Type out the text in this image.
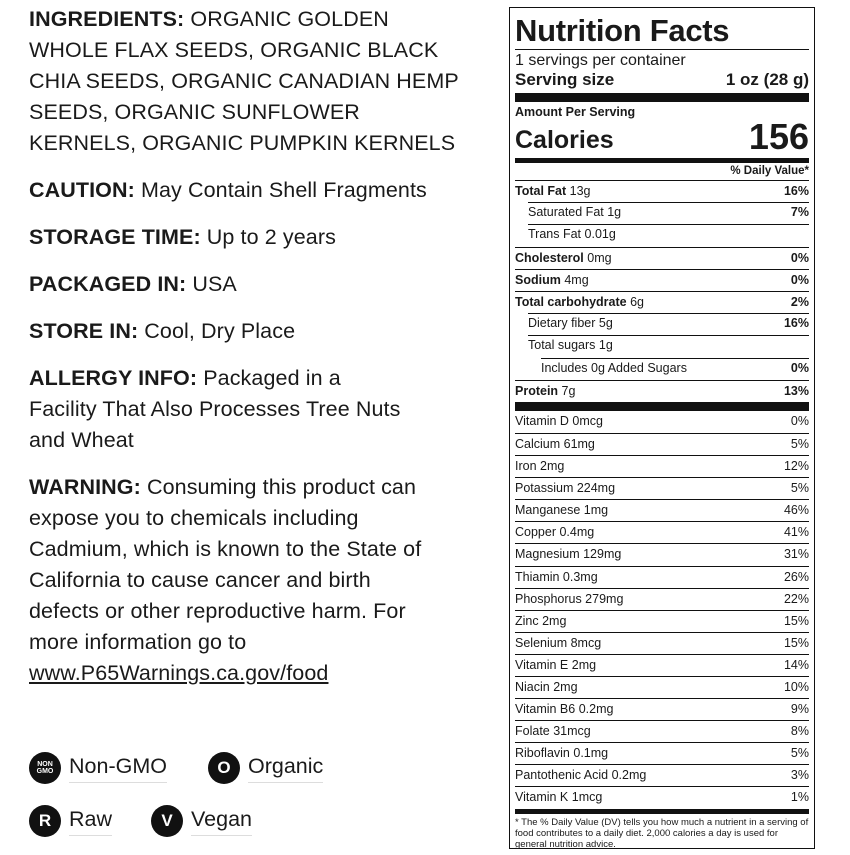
INGREDIENTS: ORGANIC GOLDEN WHOLE FLAX SEEDS, ORGANIC BLACK CHIA SEEDS, ORGANIC CANADIAN HEMP SEEDS, ORGANIC SUNFLOWER KERNELS, ORGANIC PUMPKIN KERNELS

CAUTION: May Contain Shell Fragments

STORAGE TIME: Up to 2 years

PACKAGED IN: USA

STORE IN: Cool, Dry Place

ALLERGY INFO: Packaged in a Facility That Also Processes Tree Nuts and Wheat

WARNING: Consuming this product can expose you to chemicals including Cadmium, which is known to the State of California to cause cancer and birth defects or other reproductive harm. For more information go to
www.P65Warnings.ca.gov/food

NON
GMO Non-GMO	O Organic
R Raw	V Vegan
Nutrition Facts
1 servings per container
Serving size	1 oz (28 g)
Amount Per Serving
Calories	156
% Daily Value*
Total Fat 13g	16%
Saturated Fat 1g	7%
Trans Fat 0.01g
Cholesterol 0mg	0%
Sodium 4mg	0%
Total carbohydrate 6g	2%
Dietary fiber 5g	16%
Total sugars 1g
Includes 0g Added Sugars	0%
Protein 7g	13%
Vitamin D 0mcg	0%
Calcium 61mg	5%
Iron 2mg	12%
Potassium 224mg	5%
Manganese 1mg	46%
Copper 0.4mg	41%
Magnesium 129mg	31%
Thiamin 0.3mg	26%
Phosphorus 279mg	22%
Zinc 2mg	15%
Selenium 8mcg	15%
Vitamin E 2mg	14%
Niacin 2mg	10%
Vitamin B6 0.2mg	9%
Folate 31mcg	8%
Riboflavin 0.1mg	5%
Pantothenic Acid 0.2mg	3%
Vitamin K 1mcg	1%
* The % Daily Value (DV) tells you how much a nutrient in a serving of food contributes to a daily diet. 2,000 calories a day is used for general nutrition advice.
